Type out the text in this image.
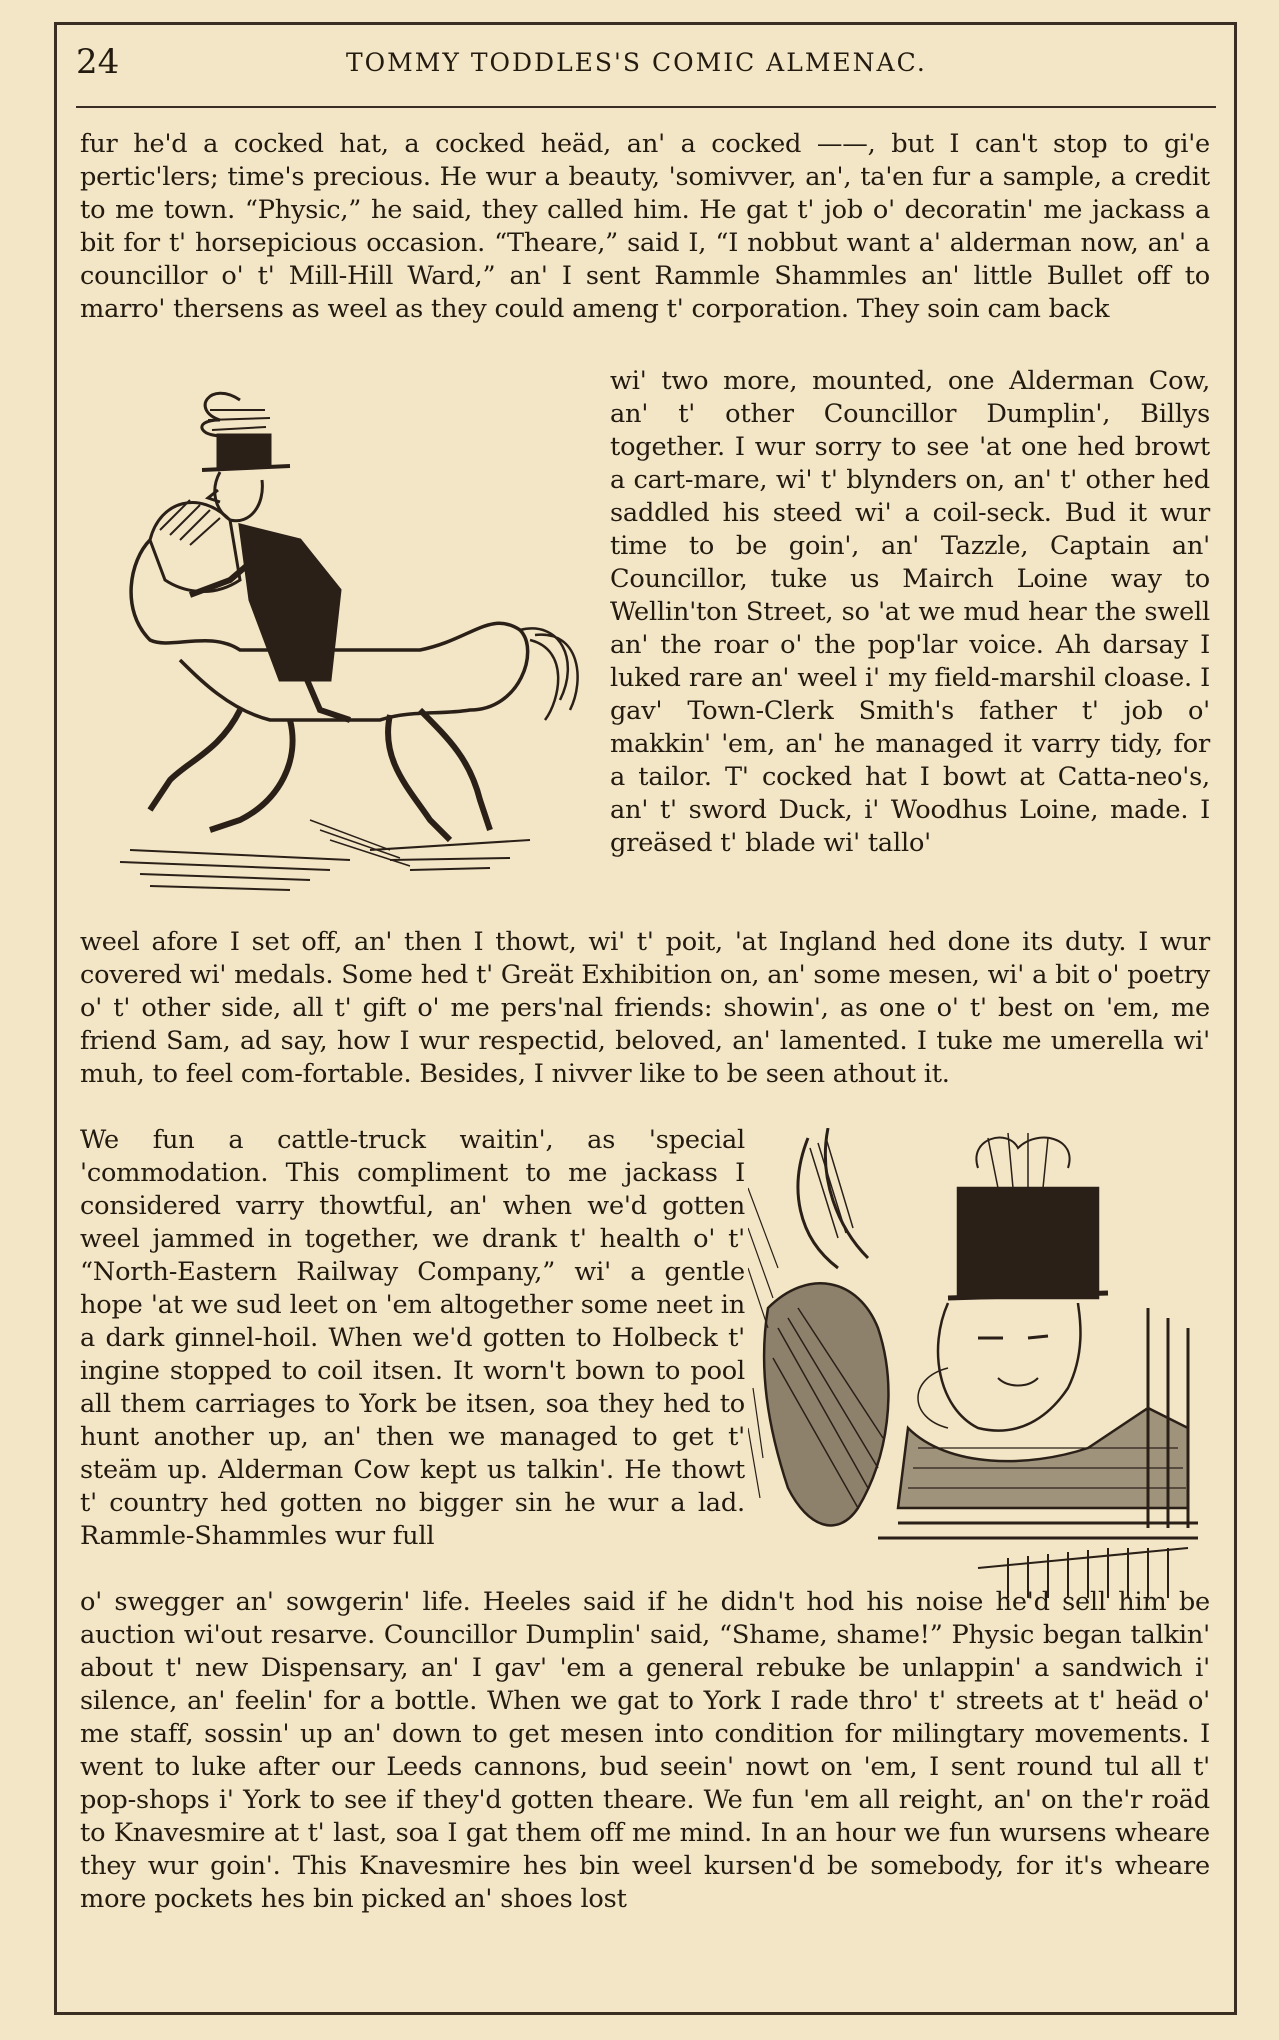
24	TOMMY TODDLES'S COMIC ALMENAC.
fur he'd a cocked hat, a cocked heäd, an' a cocked ——, but I can't stop to gi'e pertic'lers; time's precious. He wur a beauty, 'somivver, an', ta'en fur a sample, a credit to me town. “Physic,” he said, they called him. He gat t' job o' decoratin' me jackass a bit for t' horsepicious occasion. “Theare,” said I, “I nobbut want a' alderman now, an' a councillor o' t' Mill-Hill Ward,” an' I sent Rammle Shammles an' little Bullet off to marro' thersens as weel as they could ameng t' corporation. They soin cam back
wi' two more, mounted, one Alderman Cow, an' t' other Councillor Dumplin', Billys together. I wur sorry to see 'at one hed browt a cart-mare, wi' t' blynders on, an' t' other hed saddled his steed wi' a coil-seck. Bud it wur time to be goin', an' Tazzle, Captain an' Councillor, tuke us Mairch Loine way to Wellin'ton Street, so 'at we mud hear the swell an' the roar o' the pop'lar voice. Ah darsay I luked rare an' weel i' my field-marshil cloase. I gav' Town-Clerk Smith's father t' job o' makkin' 'em, an' he managed it varry tidy, for a tailor. T' cocked hat I bowt at Catta-neo's, an' t' sword Duck, i' Woodhus Loine, made. I greäsed t' blade wi' tallo'
weel afore I set off, an' then I thowt, wi' t' poit, 'at Ingland hed done its duty. I wur covered wi' medals. Some hed t' Greät Exhibition on, an' some mesen, wi' a bit o' poetry o' t' other side, all t' gift o' me pers'nal friends: showin', as one o' t' best on 'em, me friend Sam, ad say, how I wur respectid, beloved, an' lamented. I tuke me umerella wi' muh, to feel com-fortable. Besides, I nivver like to be seen athout it.
We fun a cattle-truck waitin', as 'special 'commodation. This compliment to me jackass I considered varry thowtful, an' when we'd gotten weel jammed in together, we drank t' health o' t' “North-Eastern Railway Company,” wi' a gentle hope 'at we sud leet on 'em altogether some neet in a dark ginnel-hoil. When we'd gotten to Holbeck t' ingine stopped to coil itsen. It worn't bown to pool all them carriages to York be itsen, soa they hed to hunt another up, an' then we managed to get t' steäm up. Alderman Cow kept us talkin'. He thowt t' country hed gotten no bigger sin he wur a lad. Rammle-Shammles wur full
o' swegger an' sowgerin' life. Heeles said if he didn't hod his noise he'd sell him be auction wi'out resarve. Councillor Dumplin' said, “Shame, shame!” Physic began talkin' about t' new Dispensary, an' I gav' 'em a general rebuke be unlappin' a sandwich i' silence, an' feelin' for a bottle. When we gat to York I rade thro' t' streets at t' heäd o' me staff, sossin' up an' down to get mesen into condition for milingtary movements. I went to luke after our Leeds cannons, bud seein' nowt on 'em, I sent round tul all t' pop-shops i' York to see if they'd gotten theare. We fun 'em all reight, an' on the'r roäd to Knavesmire at t' last, soa I gat them off me mind. In an hour we fun wursens wheare they wur goin'. This Knavesmire hes bin weel kursen'd be somebody, for it's wheare more pockets hes bin picked an' shoes lost
